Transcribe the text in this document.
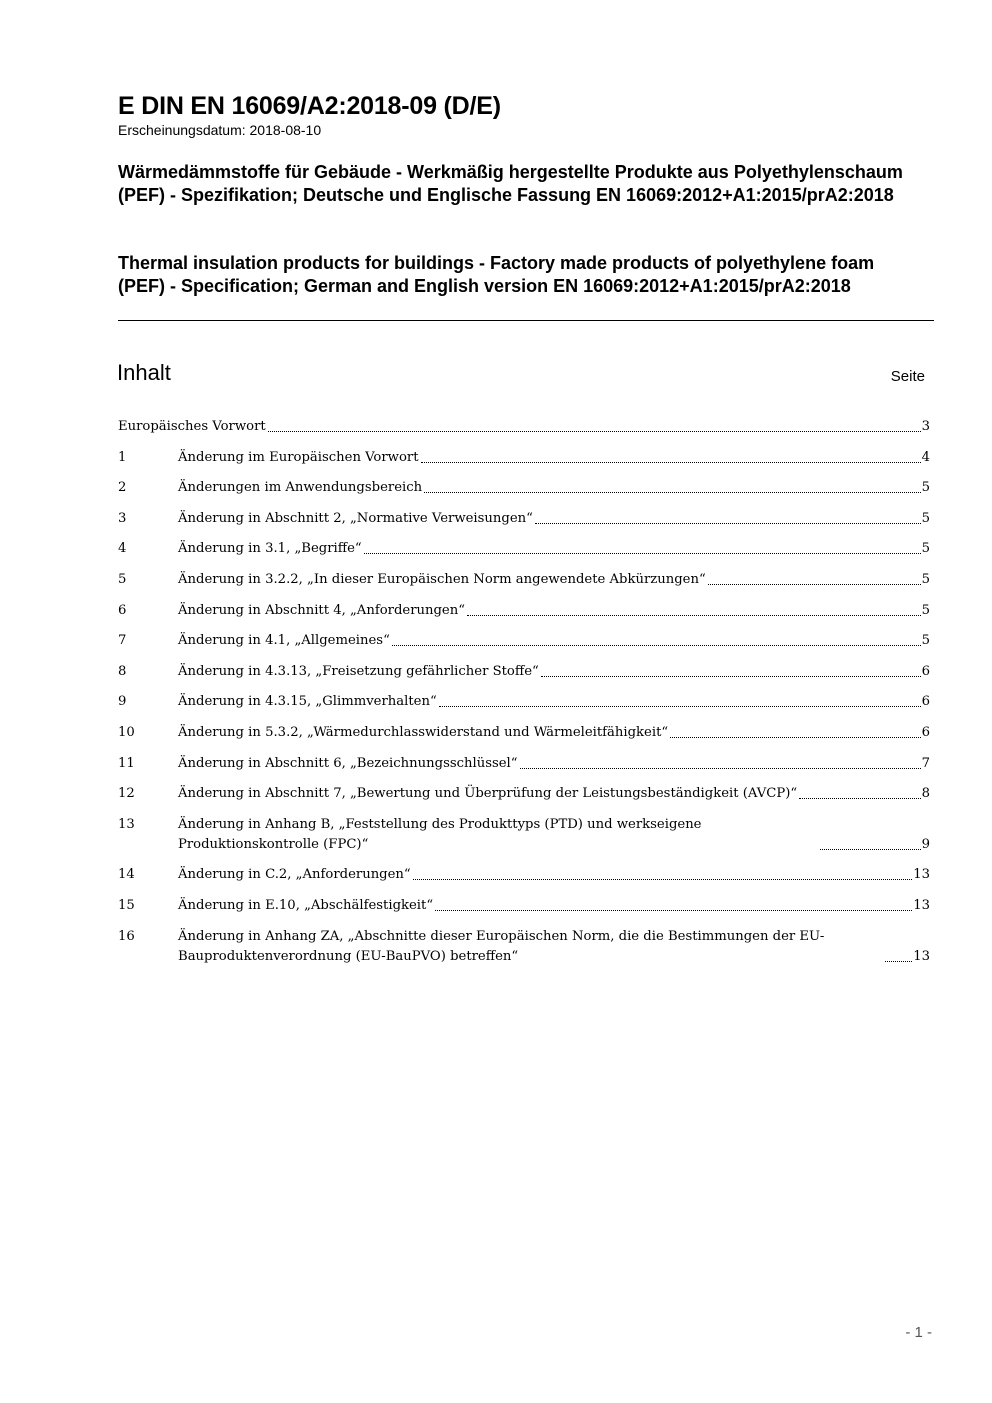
E DIN EN 16069/A2:2018-09 (D/E)
Erscheinungsdatum: 2018-08-10
Wärmedämmstoffe für Gebäude - Werkmäßig hergestellte Produkte aus Polyethylenschaum (PEF) - Spezifikation; Deutsche und Englische Fassung EN 16069:2012+A1:2015/prA2:2018
Thermal insulation products for buildings - Factory made products of polyethylene foam (PEF) - Specification; German and English version EN 16069:2012+A1:2015/prA2:2018
Inhalt	Seite
Europäisches Vorwort	3
1	Änderung im Europäischen Vorwort	4
2	Änderungen im Anwendungsbereich	5
3	Änderung in Abschnitt 2, „Normative Verweisungen“	5
4	Änderung in 3.1, „Begriffe“	5
5	Änderung in 3.2.2, „In dieser Europäischen Norm angewendete Abkürzungen“	5
6	Änderung in Abschnitt 4, „Anforderungen“	5
7	Änderung in 4.1, „Allgemeines“	5
8	Änderung in 4.3.13, „Freisetzung gefährlicher Stoffe“	6
9	Änderung in 4.3.15, „Glimmverhalten“	6
10	Änderung in 5.3.2, „Wärmedurchlasswiderstand und Wärmeleitfähigkeit“	6
11	Änderung in Abschnitt 6, „Bezeichnungsschlüssel“	7
12	Änderung in Abschnitt 7, „Bewertung und Überprüfung der Leistungsbeständigkeit (AVCP)“	8
13	Änderung in Anhang B, „Feststellung des Produkttyps (PTD) und werkseigene Produktionskontrolle (FPC)“	9
14	Änderung in C.2, „Anforderungen“	13
15	Änderung in E.10, „Abschälfestigkeit“	13
16	Änderung in Anhang ZA, „Abschnitte dieser Europäischen Norm, die die Bestimmungen der EU-Bauproduktenverordnung (EU-BauPVO) betreffen“	13
- 1 -
